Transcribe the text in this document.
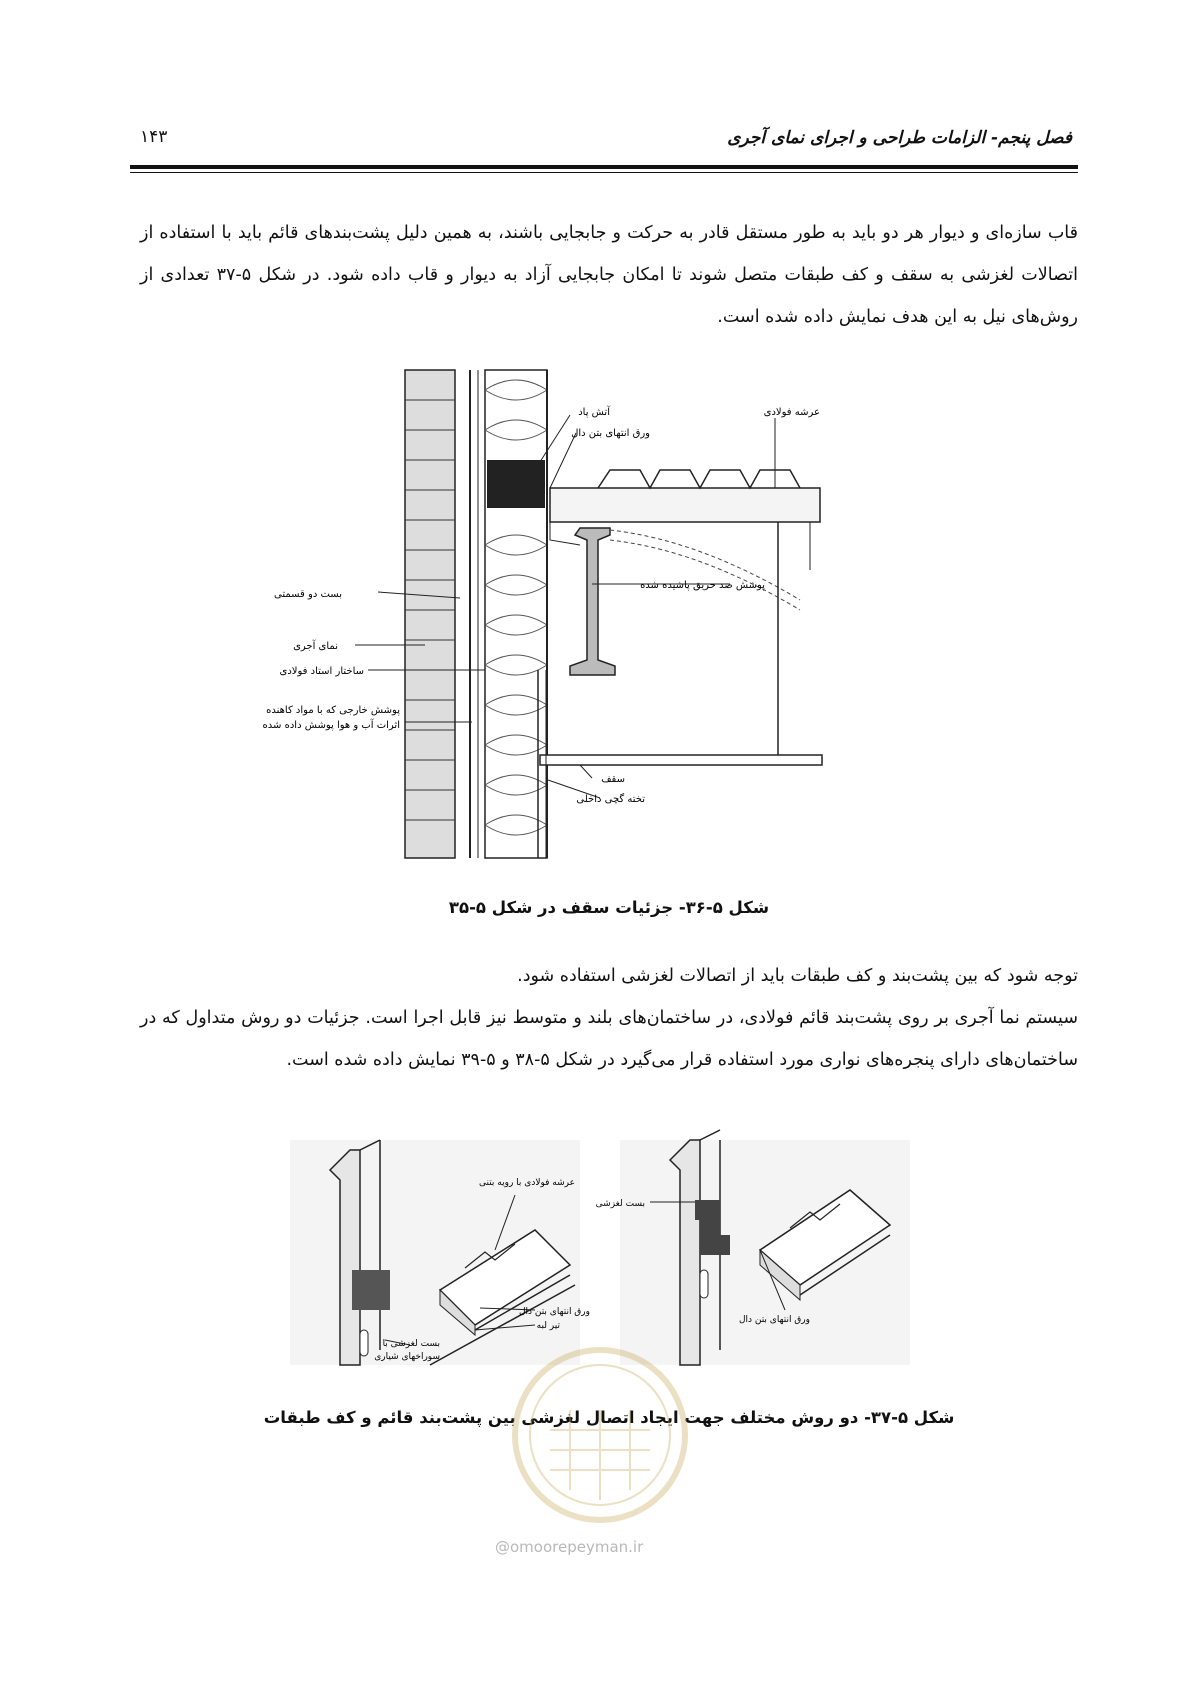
فصل پنجم- الزامات طراحی و اجرای نمای آجری
۱۴۳
قاب سازه‌ای و دیوار هر دو باید به طور مستقل قادر به حرکت و جابجایی باشند، به همین دلیل پشت‌بندهای قائم باید با استفاده از اتصالات لغزشی به سقف و کف طبقات متصل شوند تا امکان جابجایی آزاد به دیوار و قاب داده شود. در شکل ۵-۳۷ تعدادی از روش‌های نیل به این هدف نمایش داده شده است.
بست دو قسمتی
نمای آجری
ساختار استاد فولادی
پوشش خارجی که با مواد کاهنده
اثرات آب و هوا پوشش داده شده
آتش پاد
ورق انتهای بتن دال
عرشه فولادی
پوشش ضد حریق پاشیده شده
سقف
تخته گچی داخلی
شکل ۵-۳۶- جزئیات سقف در شکل ۵-۳۵
توجه شود که بین پشت‌بند و کف طبقات باید از اتصالات لغزشی استفاده شود.
سیستم نما آجری بر روی پشت‌بند قائم فولادی، در ساختمان‌های بلند و متوسط نیز قابل اجرا است. جزئیات دو روش متداول که در ساختمان‌های دارای پنجره‌های نواری مورد استفاده قرار می‌گیرد در شکل ۵-۳۸ و ۵-۳۹ نمایش داده شده است.
عرشه فولادی با رویه بتنی
بست لغزشی
ورق انتهای بتن دال
تیر لبه
بست لغزشی با
سوراخهای شیاری
ورق انتهای بتن دال
شکل ۵-۳۷- دو روش مختلف جهت ایجاد اتصال لغزشی بین پشت‌بند قائم و کف طبقات
@omoorepeyman.ir
